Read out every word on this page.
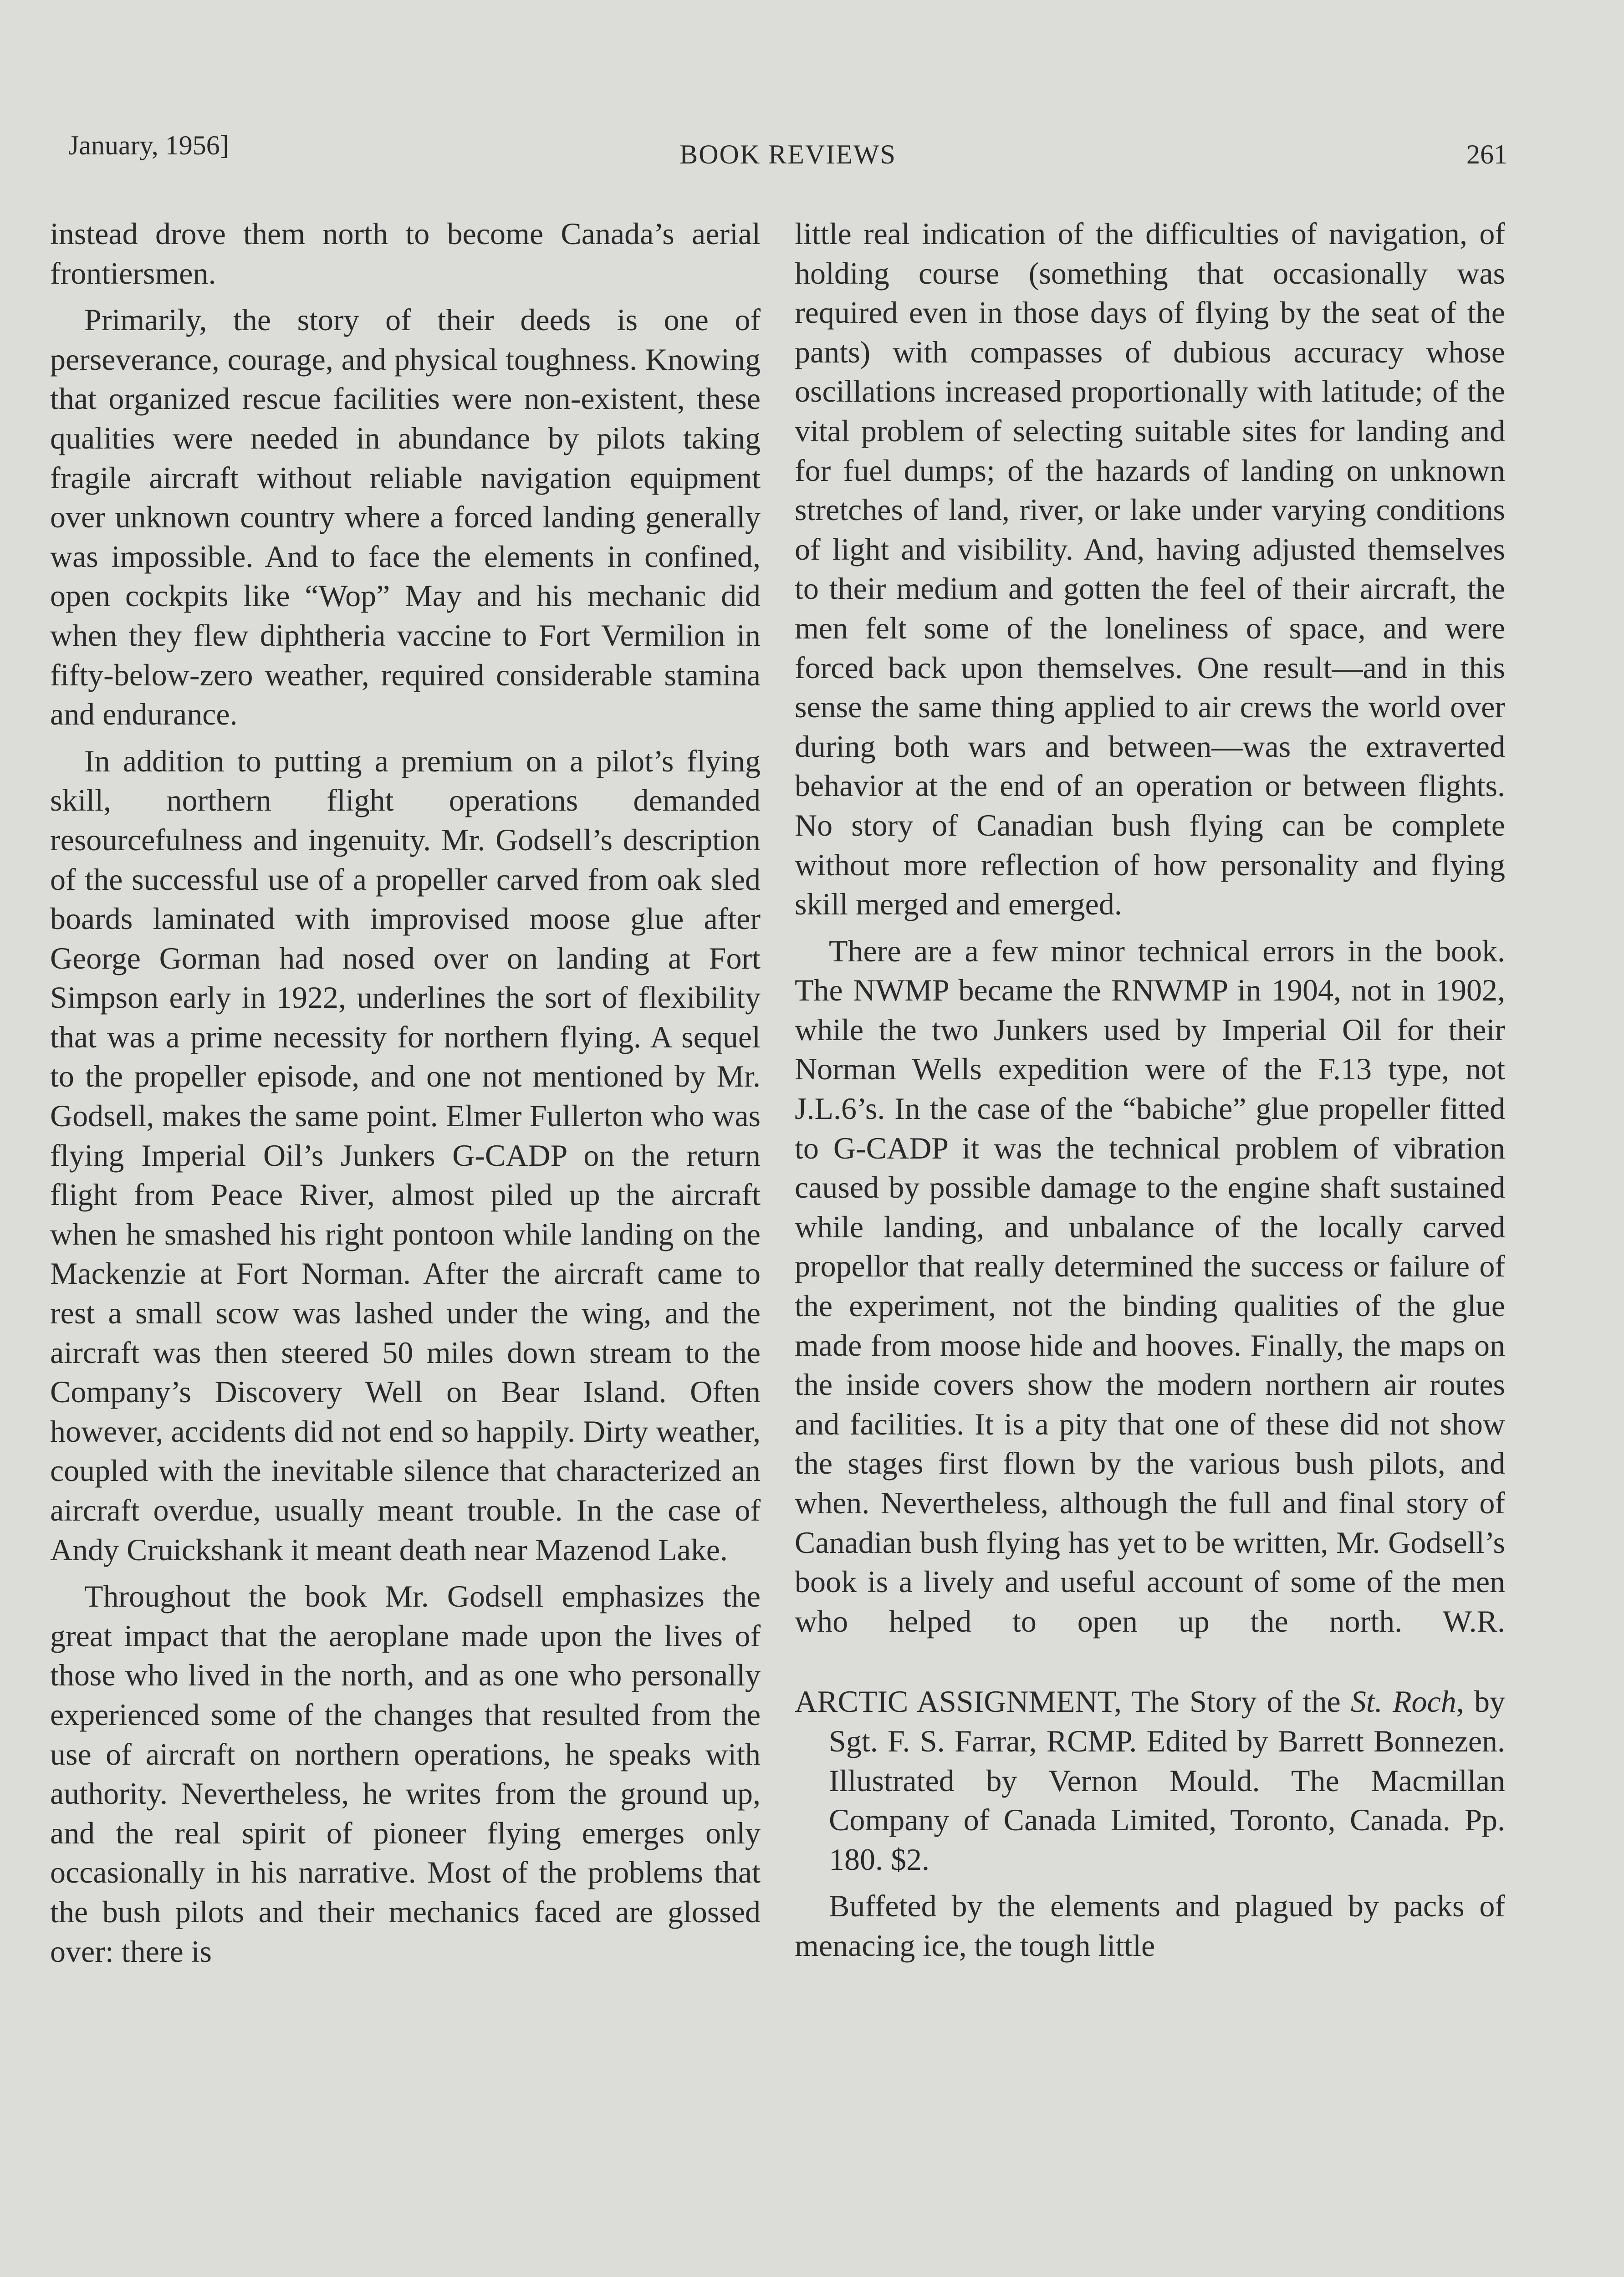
January, 1956]	BOOK REVIEWS	261

instead drove them north to become Canada’s aerial frontiersmen.

Primarily, the story of their deeds is one of perseverance, courage, and physical toughness. Knowing that organized rescue facilities were non-existent, these qualities were needed in abundance by pilots taking fragile aircraft without reliable navigation equipment over unknown country where a forced landing generally was impossible. And to face the elements in confined, open cockpits like “Wop” May and his mechanic did when they flew diphtheria vaccine to Fort Vermilion in fifty-below-zero weather, required considerable stamina and endurance.

In addition to putting a premium on a pilot’s flying skill, northern flight operations demanded resourcefulness and ingenuity. Mr. Godsell’s description of the successful use of a propeller carved from oak sled boards laminated with improvised moose glue after George Gorman had nosed over on landing at Fort Simpson early in 1922, underlines the sort of flexibility that was a prime necessity for northern flying. A sequel to the propeller episode, and one not mentioned by Mr. Godsell, makes the same point. Elmer Fullerton who was flying Imperial Oil’s Junkers G-CADP on the return flight from Peace River, almost piled up the aircraft when he smashed his right pontoon while landing on the Mackenzie at Fort Norman. After the aircraft came to rest a small scow was lashed under the wing, and the aircraft was then steered 50 miles down stream to the Company’s Discovery Well on Bear Island. Often however, accidents did not end so happily. Dirty weather, coupled with the inevitable silence that characterized an aircraft overdue, usually meant trouble. In the case of Andy Cruickshank it meant death near Mazenod Lake.

Throughout the book Mr. Godsell emphasizes the great impact that the aeroplane made upon the lives of those who lived in the north, and as one who personally experienced some of the changes that resulted from the use of aircraft on northern operations, he speaks with authority. Nevertheless, he writes from the ground up, and the real spirit of pioneer flying emerges only occasionally in his narrative. Most of the problems that the bush pilots and their mechanics faced are glossed over: there is

little real indication of the difficulties of navigation, of holding course (something that occasionally was required even in those days of flying by the seat of the pants) with compasses of dubious accuracy whose oscillations increased proportionally with latitude; of the vital problem of selecting suitable sites for landing and for fuel dumps; of the hazards of landing on unknown stretches of land, river, or lake under varying conditions of light and visibility. And, having adjusted themselves to their medium and gotten the feel of their aircraft, the men felt some of the loneliness of space, and were forced back upon themselves. One result—and in this sense the same thing applied to air crews the world over during both wars and between—was the extraverted behavior at the end of an operation or between flights. No story of Canadian bush flying can be complete without more reflection of how personality and flying skill merged and emerged.

There are a few minor technical errors in the book. The NWMP became the RNWMP in 1904, not in 1902, while the two Junkers used by Imperial Oil for their Norman Wells expedition were of the F.13 type, not J.L.6’s. In the case of the “babiche” glue propeller fitted to G-CADP it was the technical problem of vibration caused by possible damage to the engine shaft sustained while landing, and unbalance of the locally carved propellor that really determined the success or failure of the experiment, not the binding qualities of the glue made from moose hide and hooves. Finally, the maps on the inside covers show the modern northern air routes and facilities. It is a pity that one of these did not show the stages first flown by the various bush pilots, and when. Nevertheless, although the full and final story of Canadian bush flying has yet to be written, Mr. Godsell’s book is a lively and useful account of some of the men who helped to open up the north. W.R.

ARCTIC ASSIGNMENT, The Story of the St. Roch, by Sgt. F. S. Farrar, RCMP. Edited by Barrett Bonnezen. Illustrated by Vernon Mould. The Macmillan Company of Canada Limited, Toronto, Canada. Pp. 180. $2.

Buffeted by the elements and plagued by packs of menacing ice, the tough little
